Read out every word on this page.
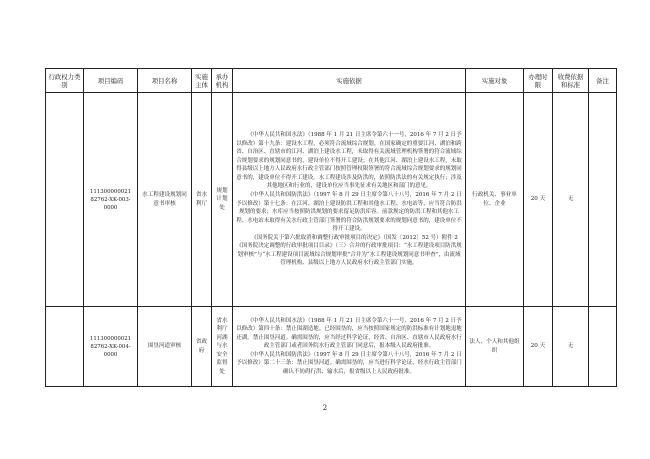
行政权力类别	项目编码	项目名称	实施主体	承办机构	实施依据	实施对象	办理时限	收费依据和标准	备注
	111300000021 82762-XK-003-0000	水工程建设规划同意书审核	省水利厅	规划计划处	《中华人民共和国水法》（1988 年 1 月 21 日主席令第六十一号，2016 年 7 月 2 日予以修改）第十九条：建设水工程，必须符合流域综合规划。在国家确定的重要江河、湖泊和跨省、自治区、直辖市的江河、湖泊上建设水工程，未取得有关流域管理机构签署的符合流域综合规划要求的规划同意书的，建设单位不得开工建设；在其他江河、湖泊上建设水工程，未取得县级以上地方人民政府水行政主管部门按照管理权限签署的符合流域综合规划要求的规划同意书的，建设单位不得开工建设。水工程建设涉及防洪的，依照防洪法的有关规定执行；涉及其他地区和行业的，建设单位应当事先征求有关地区和部门的意见。

《中华人民共和国防洪法》（1997 年 8 月 29 日主席令第八十八号，2016 年 7 月 2 日予以修改）第十七条：在江河、湖泊上建设防洪工程和其他水工程、水电站等，应当符合防洪规划的要求；水库应当按照防洪规划的要求留足防洪库容。前款规定的防洪工程和其他水工程、水电站未取得有关水行政主管部门签署的符合防洪规划要求的规划同意书的，建设单位不得开工建设。

《国务院关于第六批取消和调整行政审批项目的决定》（国发〔2012〕52 号）附件 2《国务院决定调整的行政审批项目目录》（三）合并的行政审批项目：“水工程建设项目防洪规划审核”与“水工程建设项目流域综合规划审批”合并为“水工程建设规划同意书审查”，由流域管理机构、县级以上地方人民政府水行政主管部门实施。	行政机关、事业单位、企业	20 天	无	
	111300000021 82762-XK-004-0000	围垦河道审核	省政府	省水利厅河湖与水安全监督处	《中华人民共和国水法》（1988 年 1 月 21 日主席令第六十一号，2016 年 7 月 2 日予以修改）第四十条：禁止围湖造地。已经围垦的，应当按照国家规定的防洪标准有计划地退地还湖。禁止围垦河道。确需围垦的，应当经过科学论证，经省、自治区、直辖市人民政府水行政主管部门或者国务院水行政主管部门同意后，报本级人民政府批准。

《中华人民共和国防洪法》（1997 年 8 月 29 日主席令第八十八号，2016 年 7 月 2 日予以修改）第二十三条：禁止围垦河道。确需围垦的，应当进行科学论证，经水行政主管部门确认不妨碍行洪、输水后，报省级以上人民政府批准。	法人、个人和其他组织	20 天	无	
2
